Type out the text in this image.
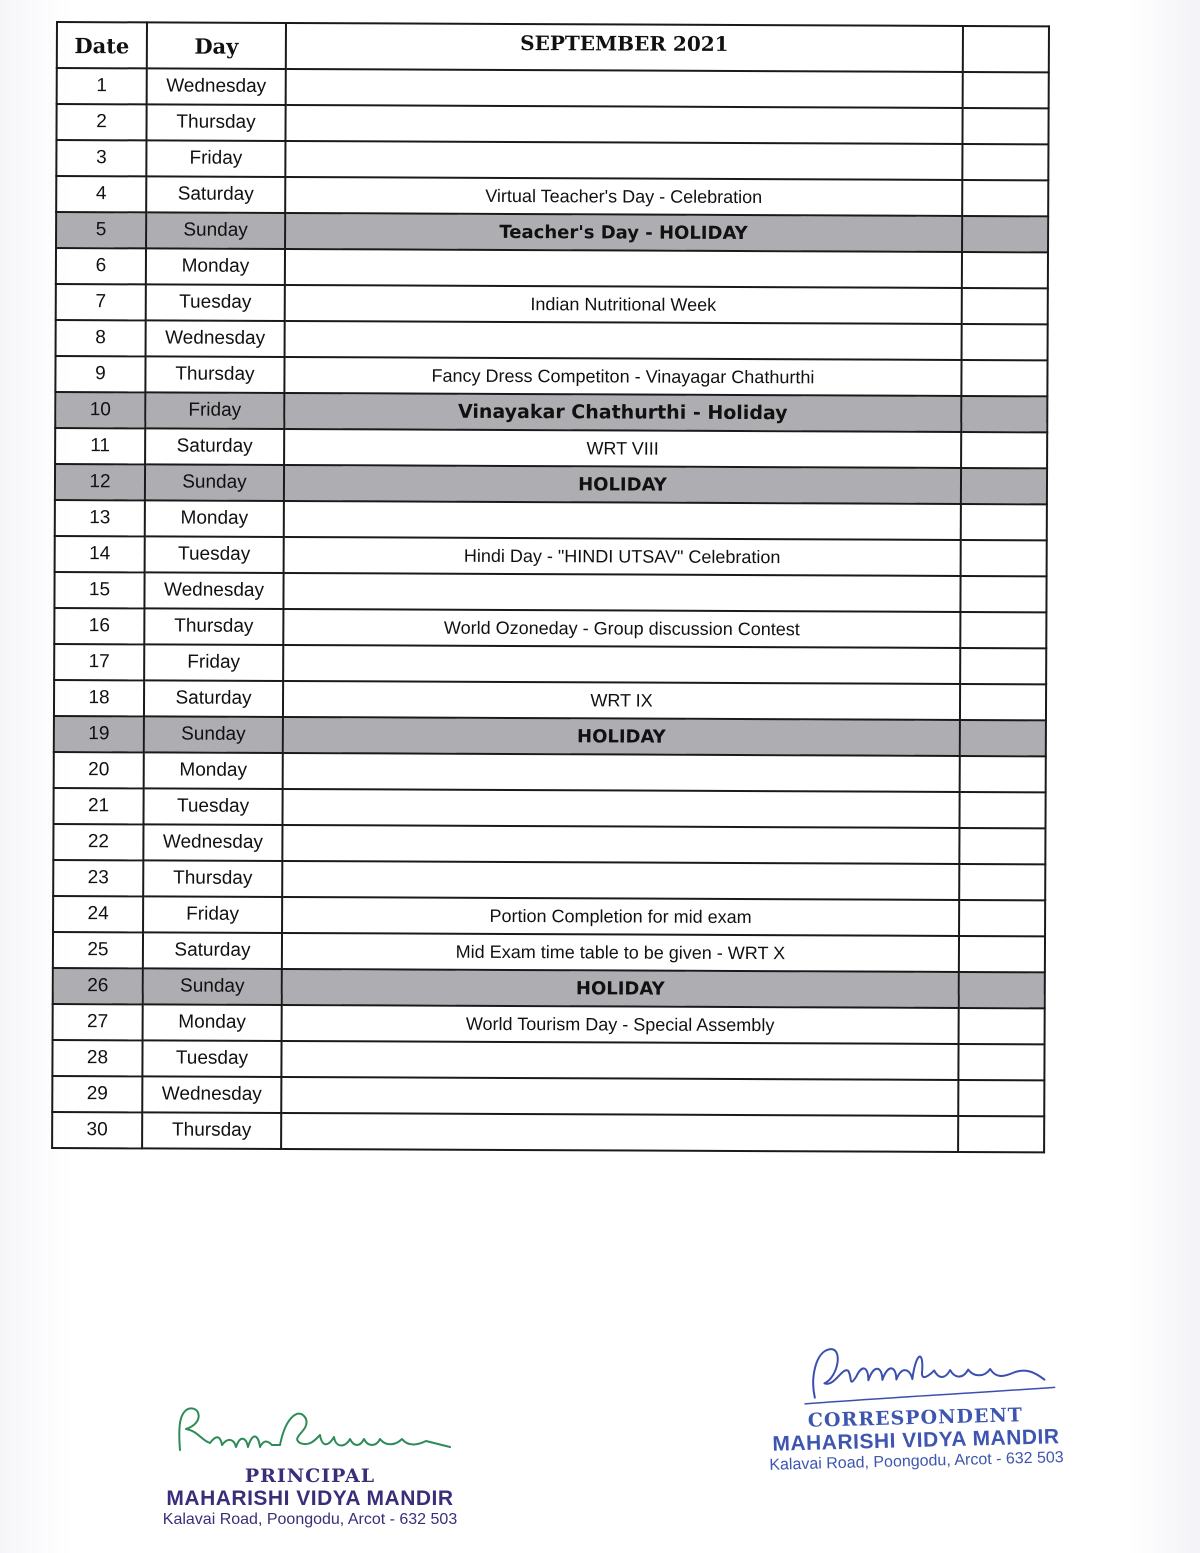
Date	Day	SEPTEMBER 2021	
1	Wednesday		
2	Thursday		
3	Friday		
4	Saturday	Virtual Teacher's Day - Celebration	
5	Sunday	Teacher's Day - HOLIDAY	
6	Monday		
7	Tuesday	Indian Nutritional Week	
8	Wednesday		
9	Thursday	Fancy Dress Competiton - Vinayagar Chathurthi	
10	Friday	Vinayakar Chathurthi - Holiday	
11	Saturday	WRT VIII	
12	Sunday	HOLIDAY	
13	Monday		
14	Tuesday	Hindi Day - "HINDI UTSAV" Celebration	
15	Wednesday		
16	Thursday	World Ozoneday - Group discussion Contest	
17	Friday		
18	Saturday	WRT IX	
19	Sunday	HOLIDAY	
20	Monday		
21	Tuesday		
22	Wednesday		
23	Thursday		
24	Friday	Portion Completion for mid exam	
25	Saturday	Mid Exam time table to be given - WRT X	
26	Sunday	HOLIDAY	
27	Monday	World Tourism Day - Special Assembly	
28	Tuesday		
29	Wednesday		
30	Thursday		
PRINCIPAL
MAHARISHI VIDYA MANDIR
Kalavai Road, Poongodu, Arcot - 632 503
CORRESPONDENT
MAHARISHI VIDYA MANDIR
Kalavai Road, Poongodu, Arcot - 632 503
